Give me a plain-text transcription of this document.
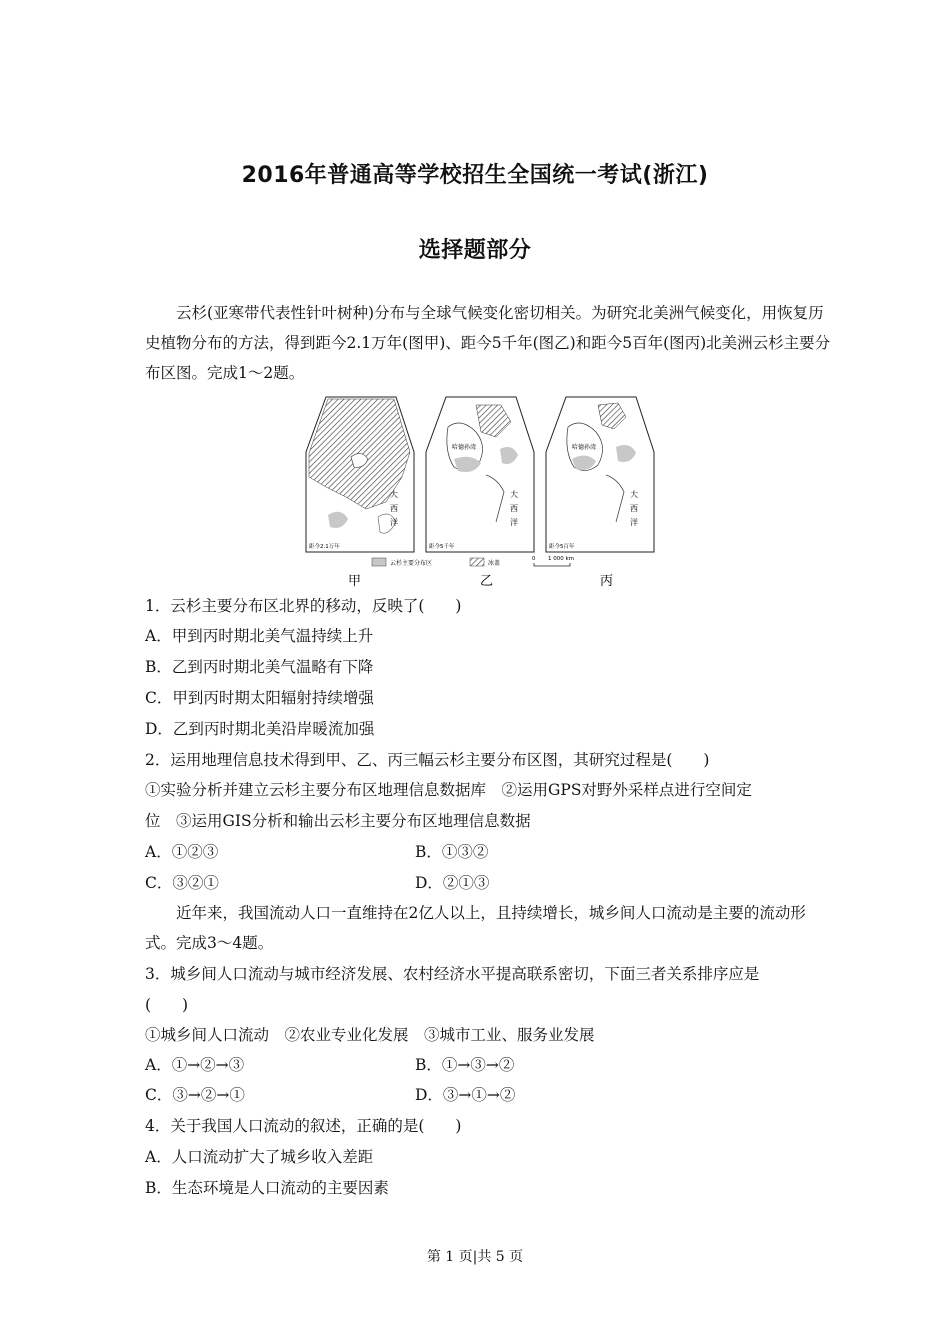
2016年普通高等学校招生全国统一考试(浙江)
选择题部分
云杉(亚寒带代表性针叶树种)分布与全球气候变化密切相关。为研究北美洲气候变化，用恢复历史植物分布的方法，得到距今2.1万年(图甲)、距今5千年(图乙)和距今5百年(图丙)北美洲云杉主要分布区图。完成1～2题。
大
西
洋
距今2.1万年
哈德孙湾
大
西
洋
距今5千年
哈德孙湾
大
西
洋
距今5百年
云杉主要分布区	冰盖
0 1 000 km
甲	乙	丙
1．云杉主要分布区北界的移动，反映了(　　)
A．甲到丙时期北美气温持续上升
B．乙到丙时期北美气温略有下降
C．甲到丙时期太阳辐射持续增强
D．乙到丙时期北美沿岸暖流加强
2．运用地理信息技术得到甲、乙、丙三幅云杉主要分布区图，其研究过程是(　　)
①实验分析并建立云杉主要分布区地理信息数据库　②运用GPS对野外采样点进行空间定
位　③运用GIS分析和输出云杉主要分布区地理信息数据
A．①②③	B．①③②
C．③②①	D．②①③
近年来，我国流动人口一直维持在2亿人以上，且持续增长，城乡间人口流动是主要的流动形式。完成3～4题。
3．城乡间人口流动与城市经济发展、农村经济水平提高联系密切，下面三者关系排序应是
(　　)
①城乡间人口流动　②农业专业化发展　③城市工业、服务业发展
A．①→②→③	B．①→③→②
C．③→②→①	D．③→①→②
4．关于我国人口流动的叙述，正确的是(　　)
A．人口流动扩大了城乡收入差距
B．生态环境是人口流动的主要因素
第 1 页|共 5 页
